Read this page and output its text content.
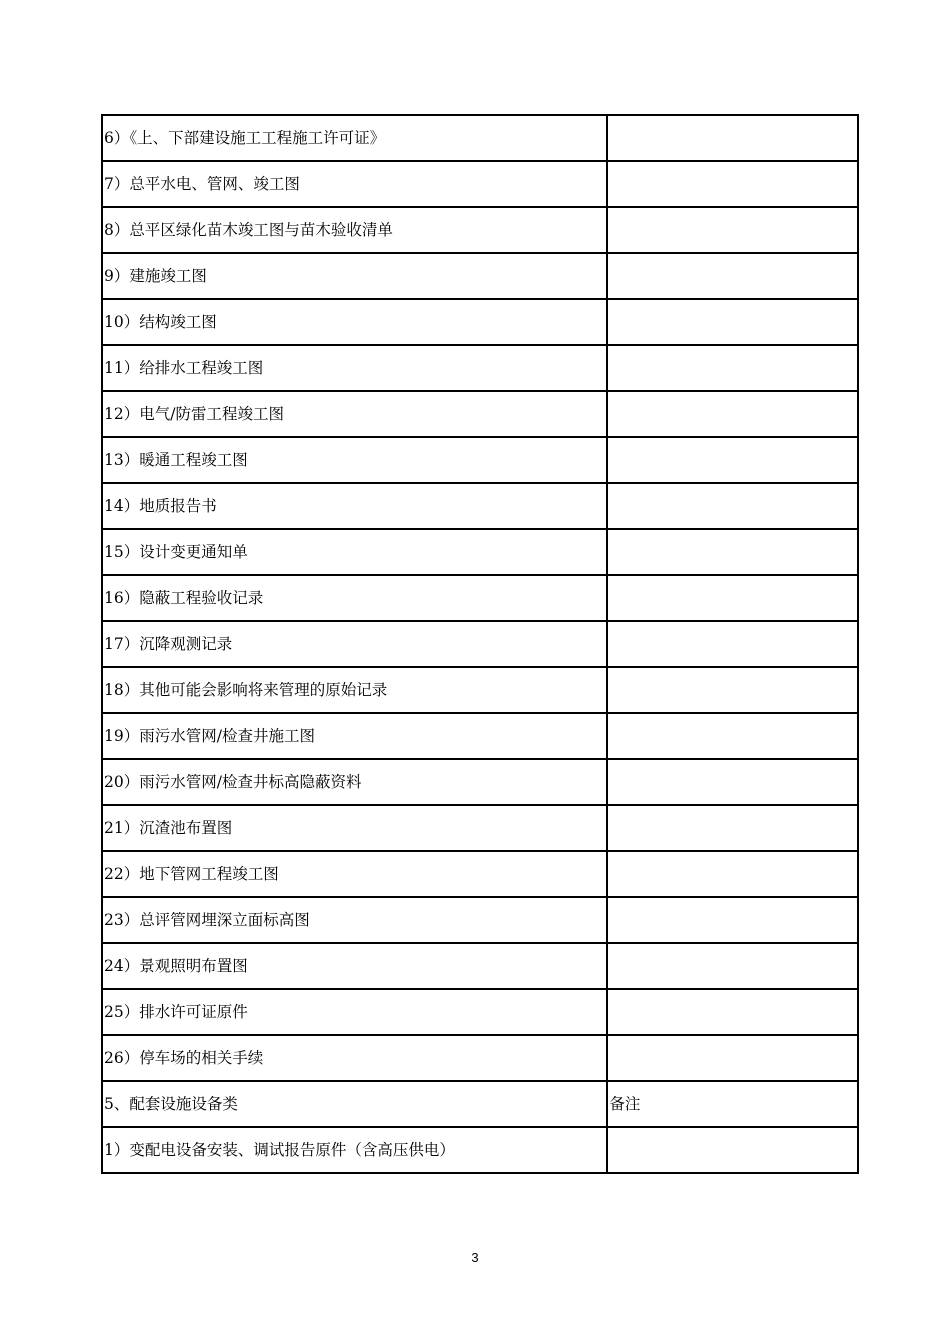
6）《上、下部建设施工工程施工许可证》	
7）总平水电、管网、竣工图	
8）总平区绿化苗木竣工图与苗木验收清单	
9）建施竣工图	
10）结构竣工图	
11）给排水工程竣工图	
12）电气/防雷工程竣工图	
13）暖通工程竣工图	
14）地质报告书	
15）设计变更通知单	
16）隐蔽工程验收记录	
17）沉降观测记录	
18）其他可能会影响将来管理的原始记录	
19）雨污水管网/检查井施工图	
20）雨污水管网/检查井标高隐蔽资料	
21）沉渣池布置图	
22）地下管网工程竣工图	
23）总评管网埋深立面标高图	
24）景观照明布置图	
25）排水许可证原件	
26）停车场的相关手续	
5、配套设施设备类	备注
1）变配电设备安装、调试报告原件（含高压供电）	
3
